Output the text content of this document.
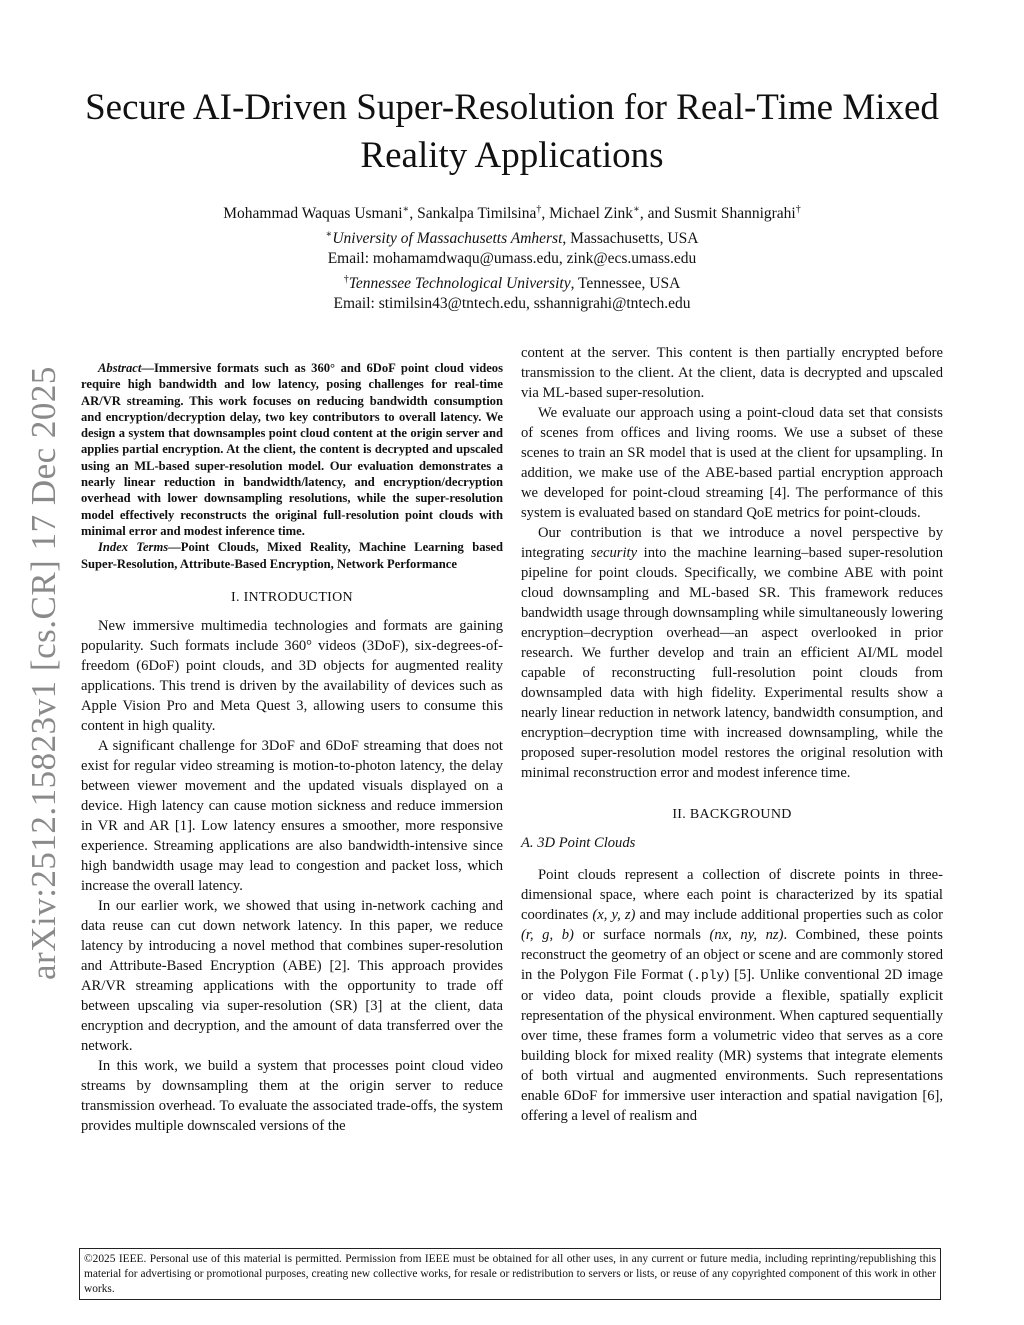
Secure AI-Driven Super-Resolution for Real-Time Mixed Reality Applications
Mohammad Waquas Usmani∗, Sankalpa Timilsina†, Michael Zink∗, and Susmit Shannigrahi†
∗University of Massachusetts Amherst, Massachusetts, USA
Email: mohamamdwaqu@umass.edu, zink@ecs.umass.edu
†Tennessee Technological University, Tennessee, USA
Email: stimilsin43@tntech.edu, sshannigrahi@tntech.edu
arXiv:2512.15823v1 [cs.CR] 17 Dec 2025	Abstract—Immersive formats such as 360° and 6DoF point cloud videos require high bandwidth and low latency, posing challenges for real-time AR/VR streaming. This work focuses on reducing bandwidth consumption and encryption/decryption delay, two key contributors to overall latency. We design a system that downsamples point cloud content at the origin server and applies partial encryption. At the client, the content is decrypted and upscaled using an ML-based super-resolution model. Our evaluation demonstrates a nearly linear reduction in bandwidth/latency, and encryption/decryption overhead with lower downsampling resolutions, while the super-resolution model effectively reconstructs the original full-resolution point clouds with minimal error and modest inference time.

Index Terms—Point Clouds, Mixed Reality, Machine Learning based Super-Resolution, Attribute-Based Encryption, Network Performance

I. INTRODUCTION

New immersive multimedia technologies and formats are gaining popularity. Such formats include 360° videos (3DoF), six-degrees-of-freedom (6DoF) point clouds, and 3D objects for augmented reality applications. This trend is driven by the availability of devices such as Apple Vision Pro and Meta Quest 3, allowing users to consume this content in high quality.

A significant challenge for 3DoF and 6DoF streaming that does not exist for regular video streaming is motion-to-photon latency, the delay between viewer movement and the updated visuals displayed on a device. High latency can cause motion sickness and reduce immersion in VR and AR [1]. Low latency ensures a smoother, more responsive experience. Streaming applications are also bandwidth-intensive since high bandwidth usage may lead to congestion and packet loss, which increase the overall latency.

In our earlier work, we showed that using in-network caching and data reuse can cut down network latency. In this paper, we reduce latency by introducing a novel method that combines super-resolution and Attribute-Based Encryption (ABE) [2]. This approach provides AR/VR streaming applications with the opportunity to trade off between upscaling via super-resolution (SR) [3] at the client, data encryption and decryption, and the amount of data transferred over the network.

In this work, we build a system that processes point cloud video streams by downsampling them at the origin server to reduce transmission overhead. To evaluate the associated trade-offs, the system provides multiple downscaled versions of the

content at the server. This content is then partially encrypted before transmission to the client. At the client, data is decrypted and upscaled via ML-based super-resolution.

We evaluate our approach using a point-cloud data set that consists of scenes from offices and living rooms. We use a subset of these scenes to train an SR model that is used at the client for upsampling. In addition, we make use of the ABE-based partial encryption approach we developed for point-cloud streaming [4]. The performance of this system is evaluated based on standard QoE metrics for point-clouds.

Our contribution is that we introduce a novel perspective by integrating security into the machine learning–based super-resolution pipeline for point clouds. Specifically, we combine ABE with point cloud downsampling and ML-based SR. This framework reduces bandwidth usage through downsampling while simultaneously lowering encryption–decryption overhead—an aspect overlooked in prior research. We further develop and train an efficient AI/ML model capable of reconstructing full-resolution point clouds from downsampled data with high fidelity. Experimental results show a nearly linear reduction in network latency, bandwidth consumption, and encryption–decryption time with increased downsampling, while the proposed super-resolution model restores the original resolution with minimal reconstruction error and modest inference time.

II. BACKGROUND
A. 3D Point Clouds

Point clouds represent a collection of discrete points in three-dimensional space, where each point is characterized by its spatial coordinates (x, y, z) and may include additional properties such as color (r, g, b) or surface normals (nx, ny, nz). Combined, these points reconstruct the geometry of an object or scene and are commonly stored in the Polygon File Format (.ply) [5]. Unlike conventional 2D image or video data, point clouds provide a flexible, spatially explicit representation of the physical environment. When captured sequentially over time, these frames form a volumetric video that serves as a core building block for mixed reality (MR) systems that integrate elements of both virtual and augmented environments. Such representations enable 6DoF for immersive user interaction and spatial navigation [6], offering a level of realism and

©2025 IEEE. Personal use of this material is permitted. Permission from IEEE must be obtained for all other uses, in any current or future media, including reprinting/republishing this material for advertising or promotional purposes, creating new collective works, for resale or redistribution to servers or lists, or reuse of any copyrighted component of this work in other works.
